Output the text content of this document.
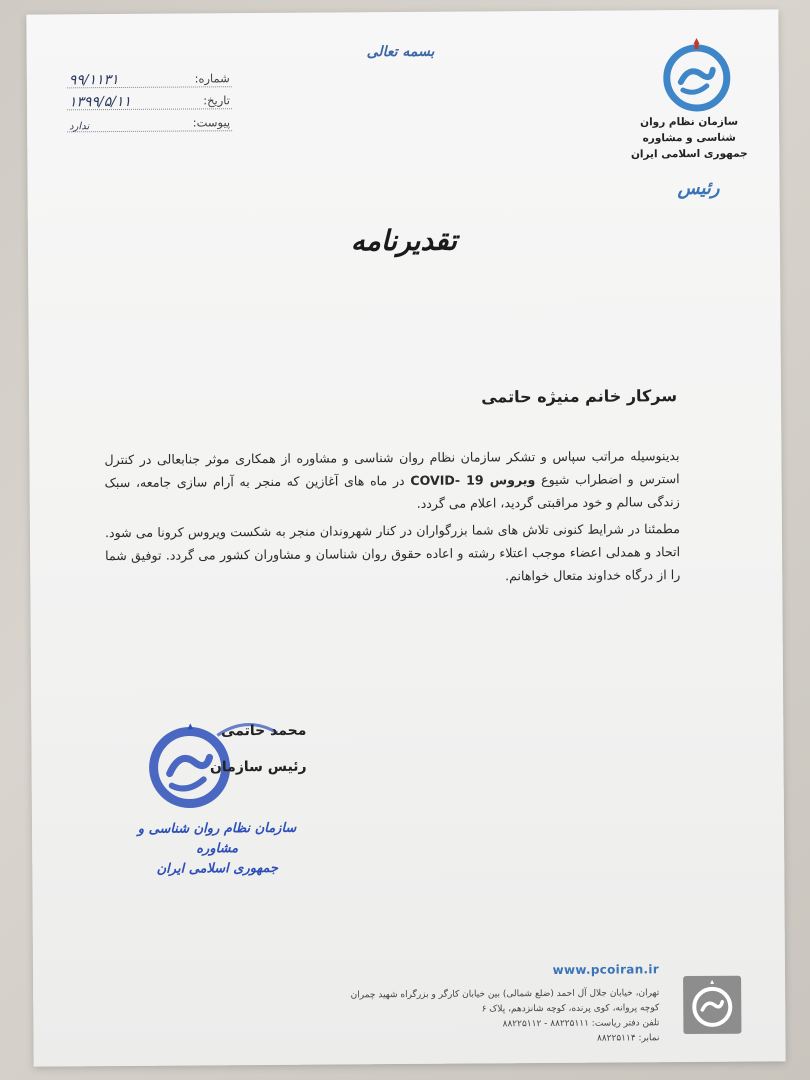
بسمه تعالی
شماره:
۹۹/۱۱۳۱
تاریخ:
۱۳۹۹/۵/۱۱
پیوست:
ندارد	سازمان نظام روان شناسی و مشاوره
جمهوری اسلامی ایران
رئیس
تقدیرنامه
سرکار خانم منیژه حاتمی

بدینوسیله مراتب سپاس و تشکر سازمان نظام روان شناسی و مشاوره از همکاری موثر جنابعالی در کنترل استرس و اضطراب شیوع ویروس 19 -COVID در ماه های آغازین که منجر به آرام سازی جامعه، سبک زندگی سالم و خود مراقبتی گردید، اعلام می گردد.

مطمئنا در شرایط کنونی تلاش های شما بزرگواران در کنار شهروندان منجر به شکست ویروس کرونا می شود. اتحاد و همدلی اعضاء موجب اعتلاء رشته و اعاده حقوق روان شناسان و مشاوران کشور می گردد. توفیق شما را از درگاه خداوند متعال خواهانم.

محمد حاتمی
رئیس سازمان
سازمان نظام روان شناسی و مشاوره
جمهوری اسلامی ایران
www.pcoiran.ir
تهران، خیابان جلال آل احمد (ضلع شمالی) بین خیابان کارگر و بزرگراه شهید چمران
کوچه پروانه، کوی پرنده، کوچه شانزدهم، پلاک ۶
تلفن دفتر ریاست: ۸۸۲۲۵۱۱۱ - ۸۸۲۲۵۱۱۲
نمابر: ۸۸۲۲۵۱۱۴
